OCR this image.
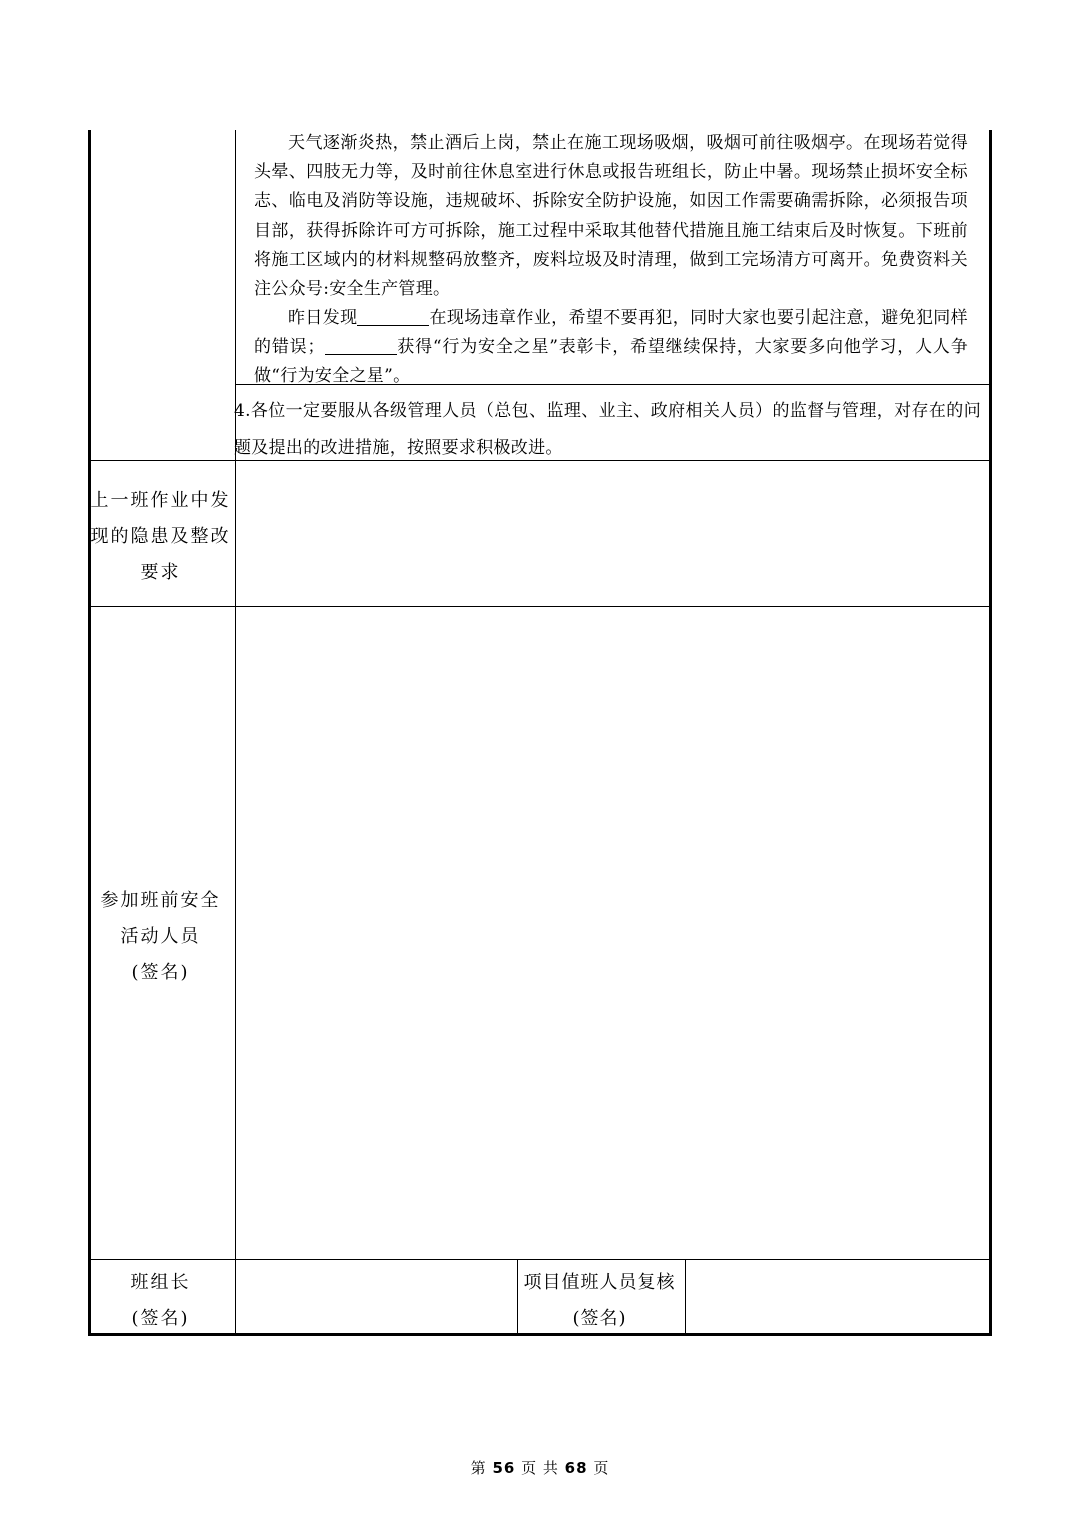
天气逐渐炎热，禁止酒后上岗，禁止在施工现场吸烟，吸烟可前往吸烟亭。在现场若觉得头晕、四肢无力等，及时前往休息室进行休息或报告班组长，防止中暑。现场禁止损坏安全标志、临电及消防等设施，违规破坏、拆除安全防护设施，如因工作需要确需拆除，必须报告项目部，获得拆除许可方可拆除，施工过程中采取其他替代措施且施工结束后及时恢复。下班前将施工区域内的材料规整码放整齐，废料垃圾及时清理，做到工完场清方可离开。免费资料关注公众号:安全生产管理。

昨日发现	在现场违章作业，希望不要再犯，同时大家也要引起注意，避免犯同样的错误；	获得“行为安全之星”表彰卡，希望继续保持，大家要多向他学习，人人争做“行为安全之星”。

4.各位一定要服从各级管理人员（总包、监理、业主、政府相关人员）的监督与管理，对存在的问题及提出的改进措施，按照要求积极改进。

上一班作业中发
现的隐患及整改
要求
参加班前安全
活动人员
(签名)
班组长
(签名)
项目值班人员复核
(签名)
第 56 页 共 68 页
